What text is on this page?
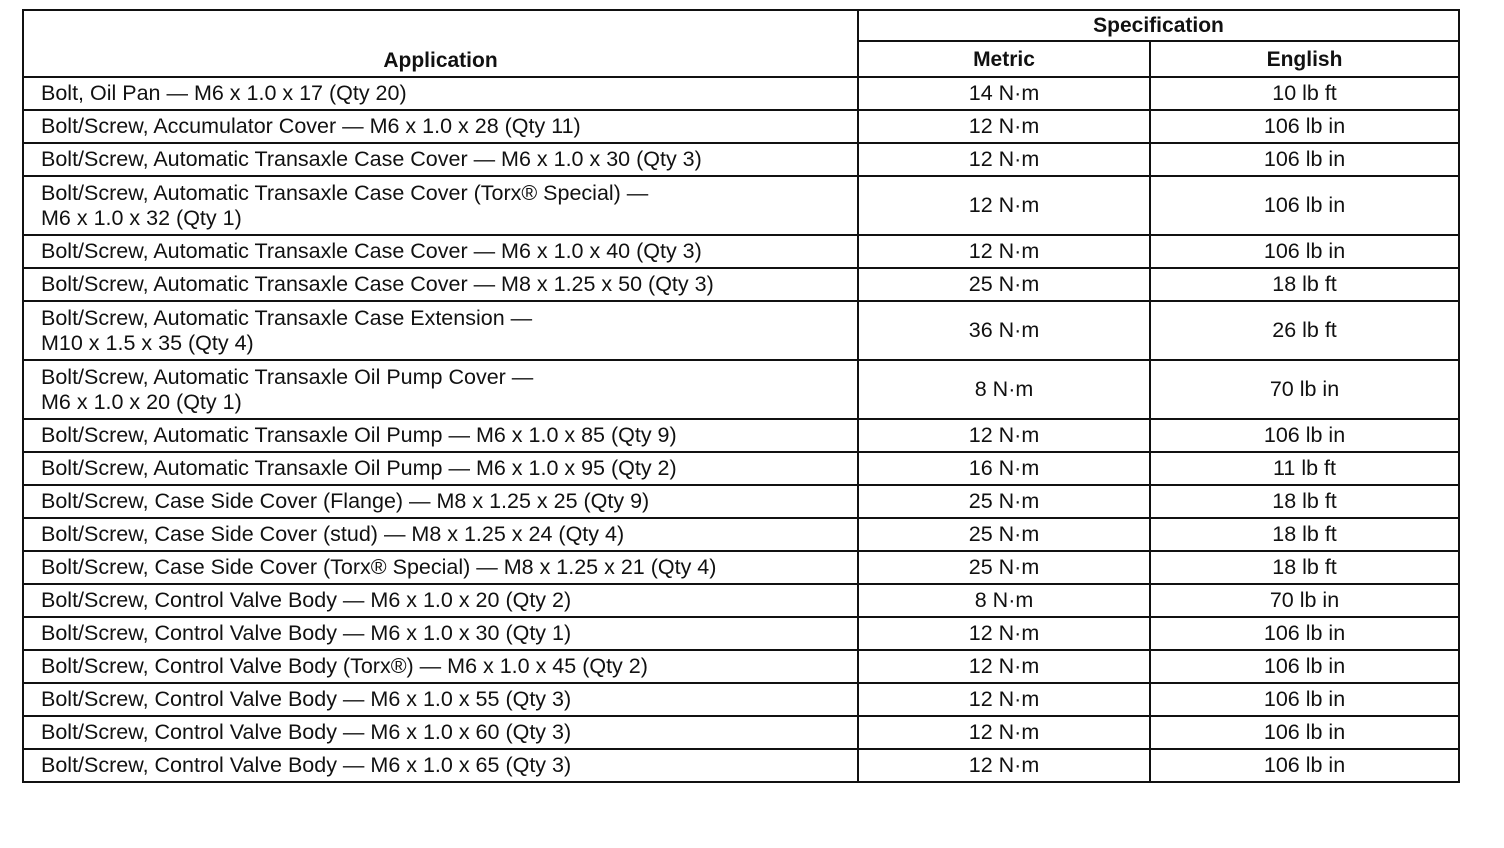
Application	Specification	
	Metric	English
Bolt, Oil Pan — M6 x 1.0 x 17 (Qty 20)	14 N·m	10 lb ft
Bolt/Screw, Accumulator Cover — M6 x 1.0 x 28 (Qty 11)	12 N·m	106 lb in
Bolt/Screw, Automatic Transaxle Case Cover — M6 x 1.0 x 30 (Qty 3)	12 N·m	106 lb in

Bolt/Screw, Automatic Transaxle Case Cover (Torx® Special) —
M6 x 1.0 x 32 (Qty 1)	12 N·m	106 lb in
Bolt/Screw, Automatic Transaxle Case Cover — M6 x 1.0 x 40 (Qty 3)	12 N·m	106 lb in
Bolt/Screw, Automatic Transaxle Case Cover — M8 x 1.25 x 50 (Qty 3)	25 N·m	18 lb ft

Bolt/Screw, Automatic Transaxle Case Extension —
M10 x 1.5 x 35 (Qty 4)	36 N·m	26 lb ft

Bolt/Screw, Automatic Transaxle Oil Pump Cover —
M6 x 1.0 x 20 (Qty 1)	8 N·m	70 lb in
Bolt/Screw, Automatic Transaxle Oil Pump — M6 x 1.0 x 85 (Qty 9)	12 N·m	106 lb in
Bolt/Screw, Automatic Transaxle Oil Pump — M6 x 1.0 x 95 (Qty 2)	16 N·m	11 lb ft
Bolt/Screw, Case Side Cover (Flange) — M8 x 1.25 x 25 (Qty 9)	25 N·m	18 lb ft
Bolt/Screw, Case Side Cover (stud) — M8 x 1.25 x 24 (Qty 4)	25 N·m	18 lb ft
Bolt/Screw, Case Side Cover (Torx® Special) — M8 x 1.25 x 21 (Qty 4)	25 N·m	18 lb ft
Bolt/Screw, Control Valve Body — M6 x 1.0 x 20 (Qty 2)	8 N·m	70 lb in
Bolt/Screw, Control Valve Body — M6 x 1.0 x 30 (Qty 1)	12 N·m	106 lb in
Bolt/Screw, Control Valve Body (Torx®) — M6 x 1.0 x 45 (Qty 2)	12 N·m	106 lb in
Bolt/Screw, Control Valve Body — M6 x 1.0 x 55 (Qty 3)	12 N·m	106 lb in
Bolt/Screw, Control Valve Body — M6 x 1.0 x 60 (Qty 3)	12 N·m	106 lb in
Bolt/Screw, Control Valve Body — M6 x 1.0 x 65 (Qty 3)	12 N·m	106 lb in
